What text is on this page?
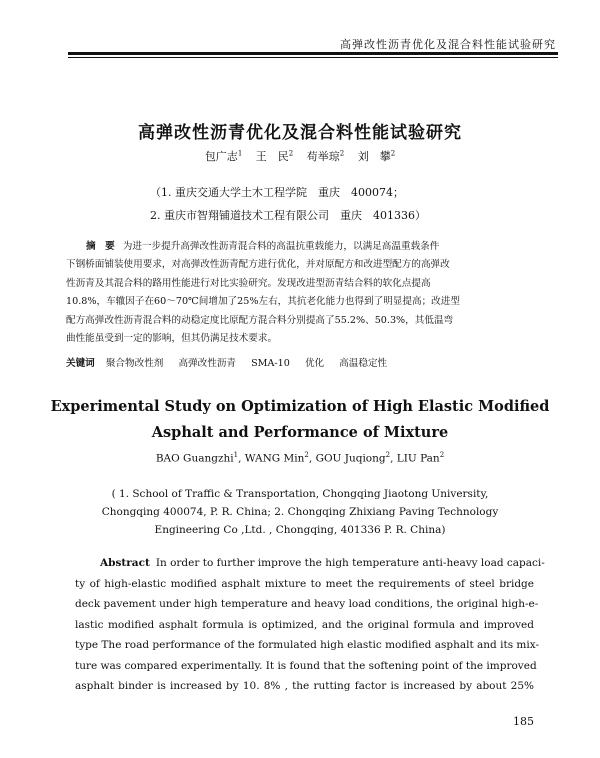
高弹改性沥青优化及混合料性能试验研究
高弹改性沥青优化及混合料性能试验研究
包广志$^1$ 王　民$^2$ 苟举琼$^2$ 刘　攀$^2$
（1. 重庆交通大学土木工程学院　重庆　400074；
2. 重庆市智翔铺道技术工程有限公司　重庆　401336）
摘　要 为进一步提升高弹改性沥青混合料的高温抗重载能力，以满足高温重载条件
下钢桥面铺装使用要求，对高弹改性沥青配方进行优化，并对原配方和改进型配方的高弹改
性沥青及其混合料的路用性能进行对比实验研究。发现改进型沥青结合料的软化点提高
10.8%，车辙因子在60～70℃间增加了25%左右，其抗老化能力也得到了明显提高；改进型
配方高弹改性沥青混合料的动稳定度比原配方混合料分别提高了55.2%、50.3%，其低温弯
曲性能虽受到一定的影响，但其仍满足技术要求。
关键词 聚合物改性剂 高弹改性沥青 SMA-10 优化 高温稳定性
Experimental Study on Optimization of High Elastic Modified
Asphalt and Performance of Mixture
BAO Guangzhi$^1$, WANG Min$^2$, GOU Juqiong$^2$, LIU Pan$^2$
( 1. School of Traffic & Transportation, Chongqing Jiaotong University,
Chongqing 400074, P. R. China; 2. Chongqing Zhixiang Paving Technology
Engineering Co ,Ltd. , Chongqing, 401336 P. R. China)
Abstract In order to further improve the high temperature anti-heavy load capaci-
ty of high-elastic modified asphalt mixture to meet the requirements of steel bridge
deck pavement under high temperature and heavy load conditions, the original high-e-
lastic modified asphalt formula is optimized, and the original formula and improved
type The road performance of the formulated high elastic modified asphalt and its mix-
ture was compared experimentally. It is found that the softening point of the improved
asphalt binder is increased by 10. 8% , the rutting factor is increased by about 25%
185
